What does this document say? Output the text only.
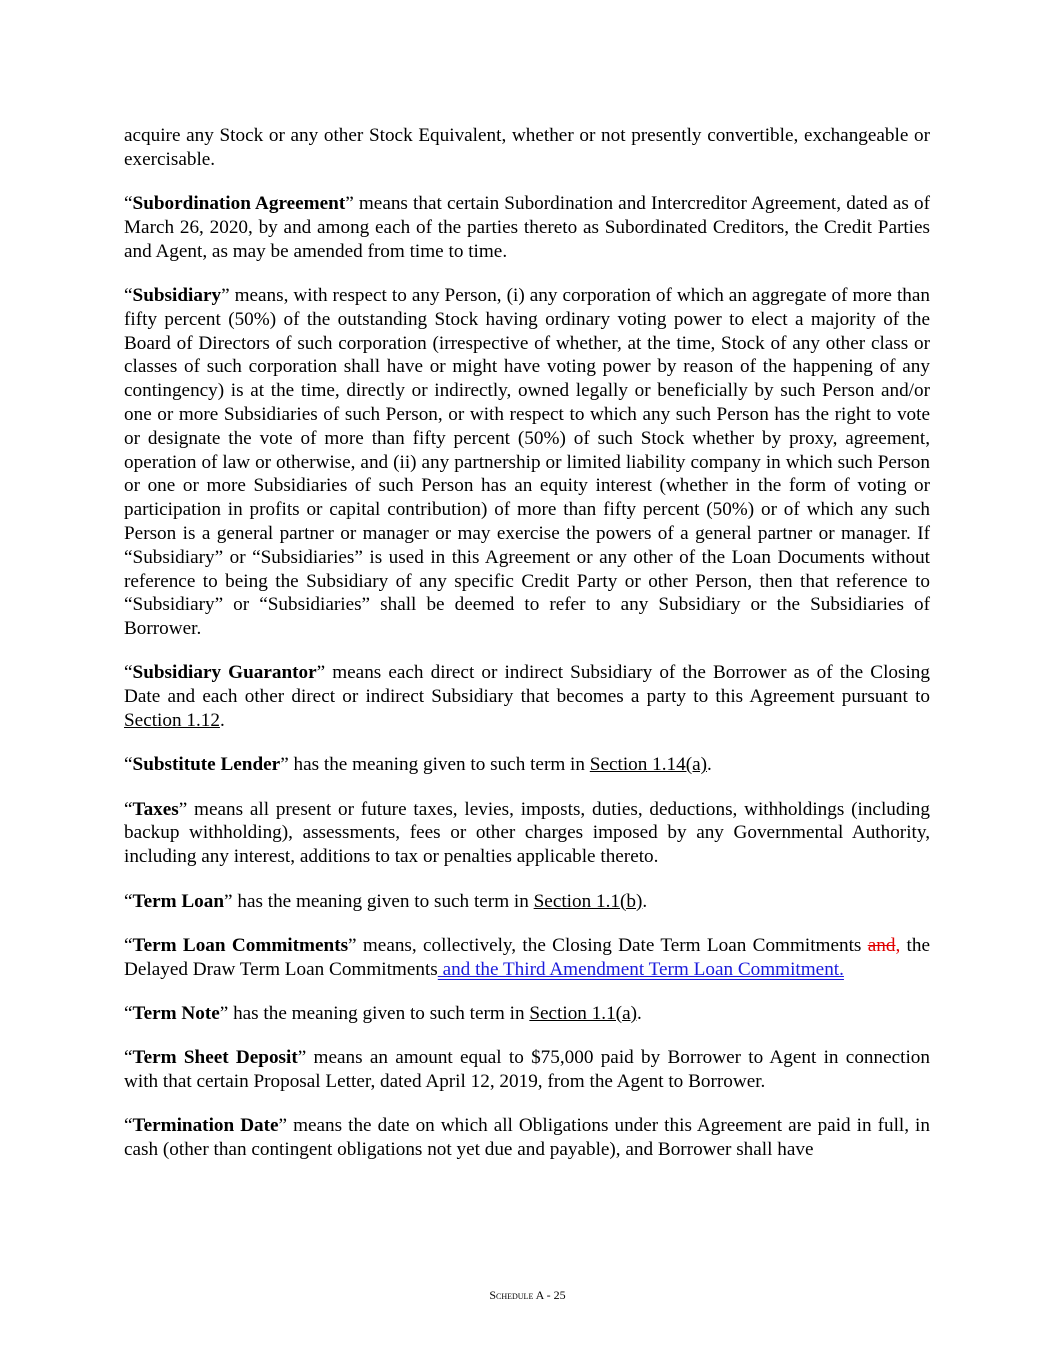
acquire any Stock or any other Stock Equivalent, whether or not presently convertible, exchangeable or exercisable.

“Subordination Agreement” means that certain Subordination and Intercreditor Agreement, dated as of March 26, 2020, by and among each of the parties thereto as Subordinated Creditors, the Credit Parties and Agent, as may be amended from time to time.

“Subsidiary” means, with respect to any Person, (i) any corporation of which an aggregate of more than fifty percent (50%) of the outstanding Stock having ordinary voting power to elect a majority of the Board of Directors of such corporation (irrespective of whether, at the time, Stock of any other class or classes of such corporation shall have or might have voting power by reason of the happening of any contingency) is at the time, directly or indirectly, owned legally or beneficially by such Person and/or one or more Subsidiaries of such Person, or with respect to which any such Person has the right to vote or designate the vote of more than fifty percent (50%) of such Stock whether by proxy, agreement, operation of law or otherwise, and (ii) any partnership or limited liability company in which such Person or one or more Subsidiaries of such Person has an equity interest (whether in the form of voting or participation in profits or capital contribution) of more than fifty percent (50%) or of which any such Person is a general partner or manager or may exercise the powers of a general partner or manager. If “Subsidiary” or “Subsidiaries” is used in this Agreement or any other of the Loan Documents without reference to being the Subsidiary of any specific Credit Party or other Person, then that reference to “Subsidiary” or “Subsidiaries” shall be deemed to refer to any Subsidiary or the Subsidiaries of Borrower.

“Subsidiary Guarantor” means each direct or indirect Subsidiary of the Borrower as of the Closing Date and each other direct or indirect Subsidiary that becomes a party to this Agreement pursuant to Section 1.12.

“Substitute Lender” has the meaning given to such term in Section 1.14(a).

“Taxes” means all present or future taxes, levies, imposts, duties, deductions, withholdings (including backup withholding), assessments, fees or other charges imposed by any Governmental Authority, including any interest, additions to tax or penalties applicable thereto.

“Term Loan” has the meaning given to such term in Section 1.1(b).

“Term Loan Commitments” means, collectively, the Closing Date Term Loan Commitments and, the Delayed Draw Term Loan Commitments and the Third Amendment Term Loan Commitment.

“Term Note” has the meaning given to such term in Section 1.1(a).

“Term Sheet Deposit” means an amount equal to $75,000 paid by Borrower to Agent in connection with that certain Proposal Letter, dated April 12, 2019, from the Agent to Borrower.

“Termination Date” means the date on which all Obligations under this Agreement are paid in full, in cash (other than contingent obligations not yet due and payable), and Borrower shall have

Schedule A - 25
